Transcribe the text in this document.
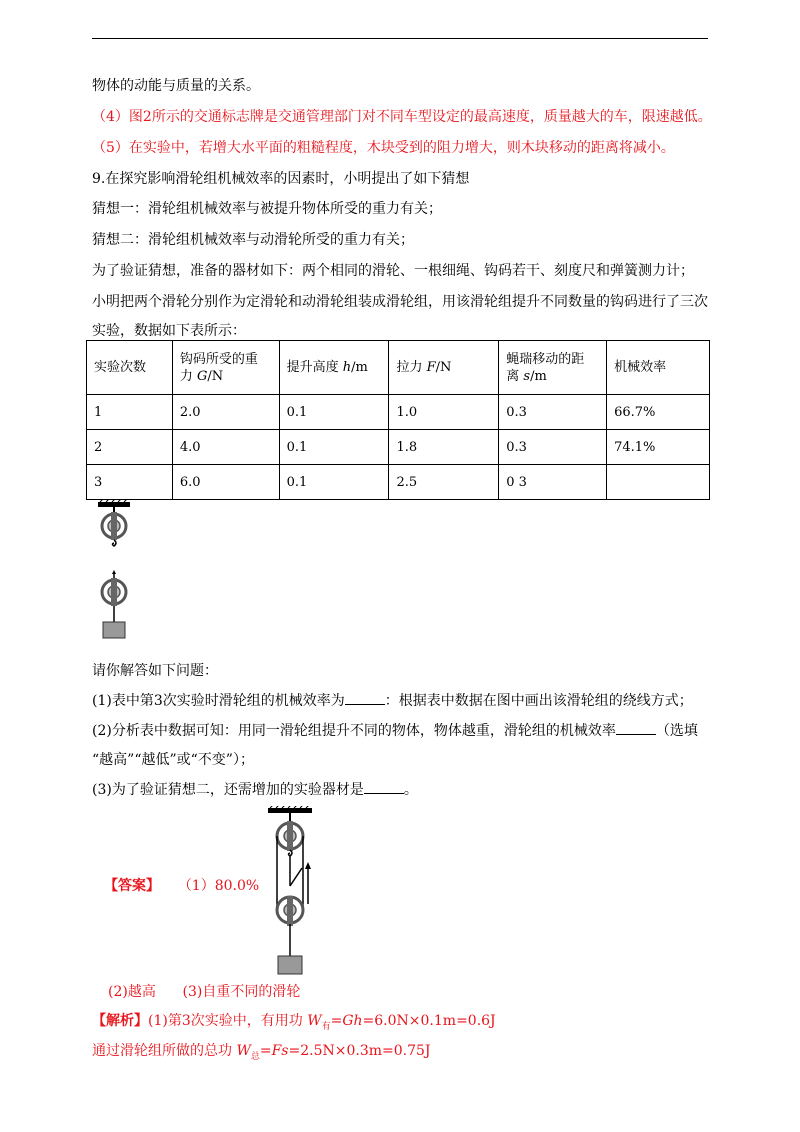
物体的动能与质量的关系。
（4）图2所示的交通标志牌是交通管理部门对不同车型设定的最高速度，质量越大的车，限速越低。
（5）在实验中，若增大水平面的粗糙程度，木块受到的阻力增大，则木块移动的距离将减小。
9.在探究影响滑轮组机械效率的因素时，小明提出了如下猜想
猜想一：滑轮组机械效率与被提升物体所受的重力有关；
猜想二：滑轮组机械效率与动滑轮所受的重力有关；
为了验证猜想，准备的器材如下：两个相同的滑轮、一根细绳、钩码若干、刻度尺和弹簧测力计；
小明把两个滑轮分别作为定滑轮和动滑轮组装成滑轮组，用该滑轮组提升不同数量的钩码进行了三次
实验，数据如下表所示：
实验次数	钩码所受的重
力 G/N	提升高度 h/m	拉力 F/N	蝇瑞移动的距
离 s/m	机械效率
1	2.0	0.1	1.0	0.3	66.7%
2	4.0	0.1	1.8	0.3	74.1%
3	6.0	0.1	2.5	0 3	
请你解答如下问题：
(1)表中第3次实验时滑轮组的机械效率为	：根据表中数据在图中画出该滑轮组的绕线方式；
(2)分析表中数据可知：用同一滑轮组提升不同的物体，物体越重，滑轮组的机械效率	（选填
“越高”“越低”或“不变”）；
(3)为了验证猜想二，还需增加的实验器材是	。
【答案】 （1）80.0%
(2)越高 (3)自重不同的滑轮
【解析】(1)第3次实验中，有用功 $W_有=Gh=6.0N\times 0.1m=0.6J$
通过滑轮组所做的总功 $W_总=Fs=2.5N\times 0.3m=0.75J$
